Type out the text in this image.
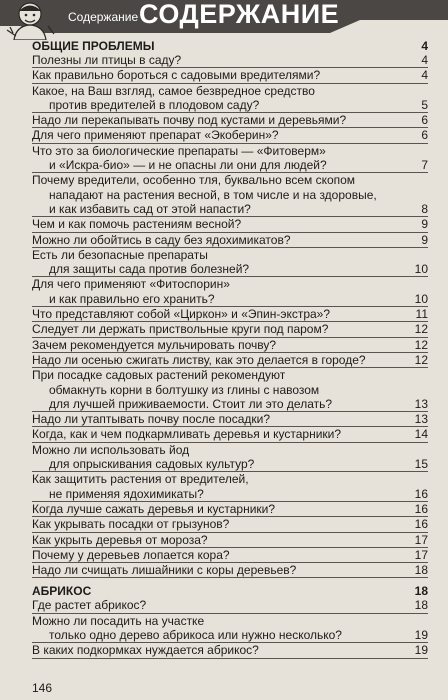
Содержание СОДЕРЖАНИЕ
ОБЩИЕ ПРОБЛЕМЫ	4
Полезны ли птицы в саду?	4
Как правильно бороться с садовыми вредителями?	4
Какое, на Ваш взгляд, самое безвредное средство
против вредителей в плодовом саду?	5
Надо ли перекапывать почву под кустами и деревьями?	6
Для чего применяют препарат «Экоберин»?	6
Что это за биологические препараты — «Фитоверм»
и «Искра-био» — и не опасны ли они для людей?	7
Почему вредители, особенно тля, буквально всем скопом
нападают на растения весной, в том числе и на здоровые,
и как избавить сад от этой напасти?	8
Чем и как помочь растениям весной?	9
Можно ли обойтись в саду без ядохимикатов?	9
Есть ли безопасные препараты
для защиты сада против болезней?	10
Для чего применяют «Фитоспорин»
и как правильно его хранить?	10
Что представляют собой «Циркон» и «Эпин-экстра»?	11
Следует ли держать приствольные круги под паром?	12
Зачем рекомендуется мульчировать почву?	12
Надо ли осенью сжигать листву, как это делается в городе?	12
При посадке садовых растений рекомендуют
обмакнуть корни в болтушку из глины с навозом
для лучшей приживаемости. Стоит ли это делать?	13
Надо ли утаптывать почву после посадки?	13
Когда, как и чем подкармливать деревья и кустарники?	14
Можно ли использовать йод
для опрыскивания садовых культур?	15
Как защитить растения от вредителей,
не применяя ядохимикаты?	16
Когда лучше сажать деревья и кустарники?	16
Как укрывать посадки от грызунов?	16
Как укрыть деревья от мороза?	17
Почему у деревьев лопается кора?	17
Надо ли счищать лишайники с коры деревьев?	18
АБРИКОС	18
Где растет абрикос?	18
Можно ли посадить на участке
только одно дерево абрикоса или нужно несколько?	19
В каких подкормках нуждается абрикос?	19
146
